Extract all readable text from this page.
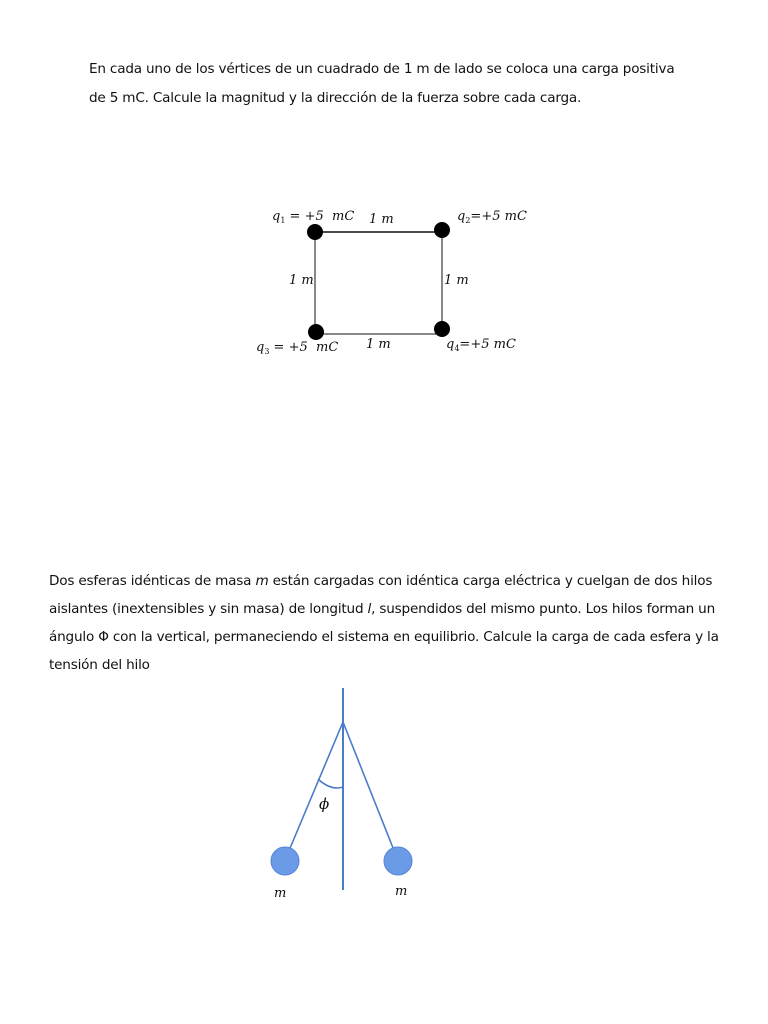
En cada uno de los vértices de un cuadrado de 1 m de lado se coloca una carga positiva
de 5 mC. Calcule la magnitud y la dirección de la fuerza sobre cada carga.

$q_1 = +5$  mC	$q_2=+5$ mC
$q_3 = +5$  mC	$q_4=+5$ mC
1 m
1 m	1 m
1 m

Dos esferas idénticas de masa m están cargadas con idéntica carga eléctrica y cuelgan de dos hilos
aislantes (inextensibles y sin masa) de longitud l, suspendidos del mismo punto. Los hilos forman un
ángulo Φ con la vertical, permaneciendo el sistema en equilibrio. Calcule la carga de cada esfera y la
tensión del hilo

ϕ
m	m
